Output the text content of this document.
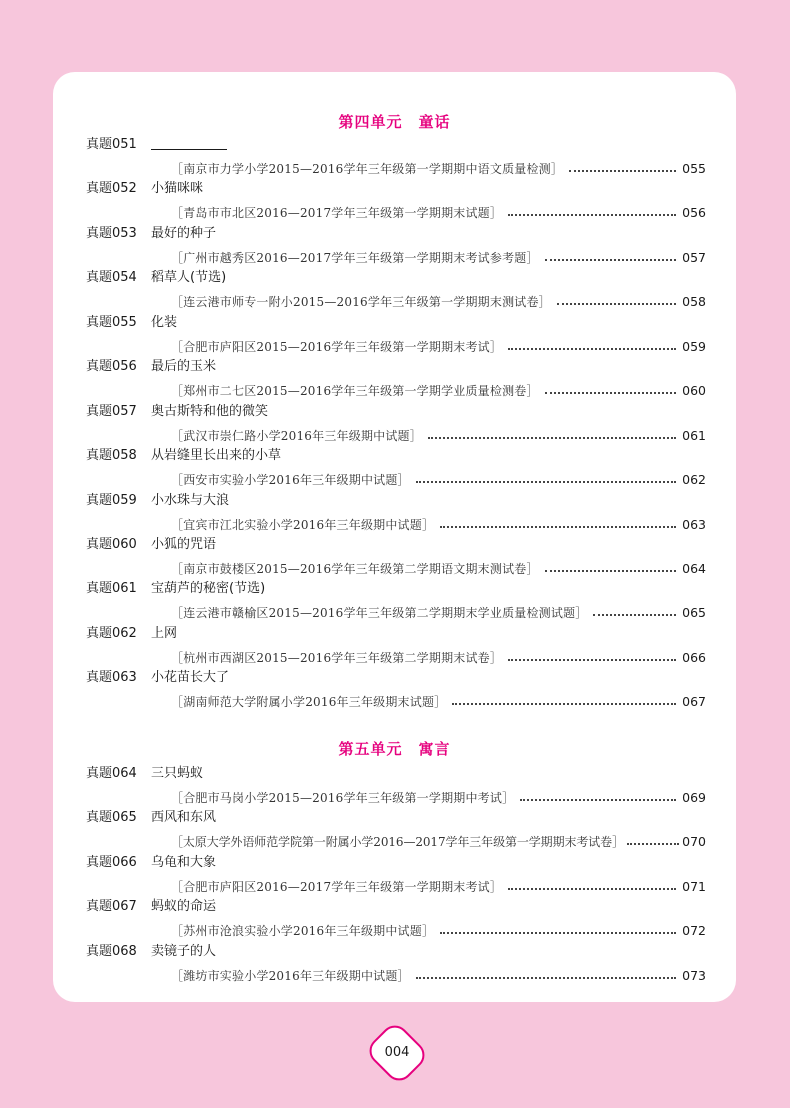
第四单元　童话
真题051
［南京市力学小学2015—2016学年三年级第一学期期中语文质量检测］	055
真题052 小猫咪咪
［青岛市市北区2016—2017学年三年级第一学期期末试题］	056
真题053 最好的种子
［广州市越秀区2016—2017学年三年级第一学期期末考试参考题］	057
真题054 稻草人(节选)
［连云港市师专一附小2015—2016学年三年级第一学期期末测试卷］	058
真题055 化装
［合肥市庐阳区2015—2016学年三年级第一学期期末考试］	059
真题056 最后的玉米
［郑州市二七区2015—2016学年三年级第一学期学业质量检测卷］	060
真题057 奥古斯特和他的微笑
［武汉市崇仁路小学2016年三年级期中试题］	061
真题058 从岩缝里长出来的小草
［西安市实验小学2016年三年级期中试题］	062
真题059 小水珠与大浪
［宜宾市江北实验小学2016年三年级期中试题］	063
真题060 小狐的咒语
［南京市鼓楼区2015—2016学年三年级第二学期语文期末测试卷］	064
真题061 宝葫芦的秘密(节选)
［连云港市赣榆区2015—2016学年三年级第二学期期末学业质量检测试题］	065
真题062 上网
［杭州市西湖区2015—2016学年三年级第二学期期末试卷］	066
真题063 小花苗长大了
［湖南师范大学附属小学2016年三年级期末试题］	067
第五单元　寓言
真题064 三只蚂蚁
［合肥市马岗小学2015—2016学年三年级第一学期期中考试］	069
真题065 西风和东风
［太原大学外语师范学院第一附属小学2016—2017学年三年级第一学期期末考试卷］	070
真题066 乌龟和大象
［合肥市庐阳区2016—2017学年三年级第一学期期末考试］	071
真题067 蚂蚁的命运
［苏州市沧浪实验小学2016年三年级期中试题］	072
真题068 卖镜子的人
［潍坊市实验小学2016年三年级期中试题］	073
004
